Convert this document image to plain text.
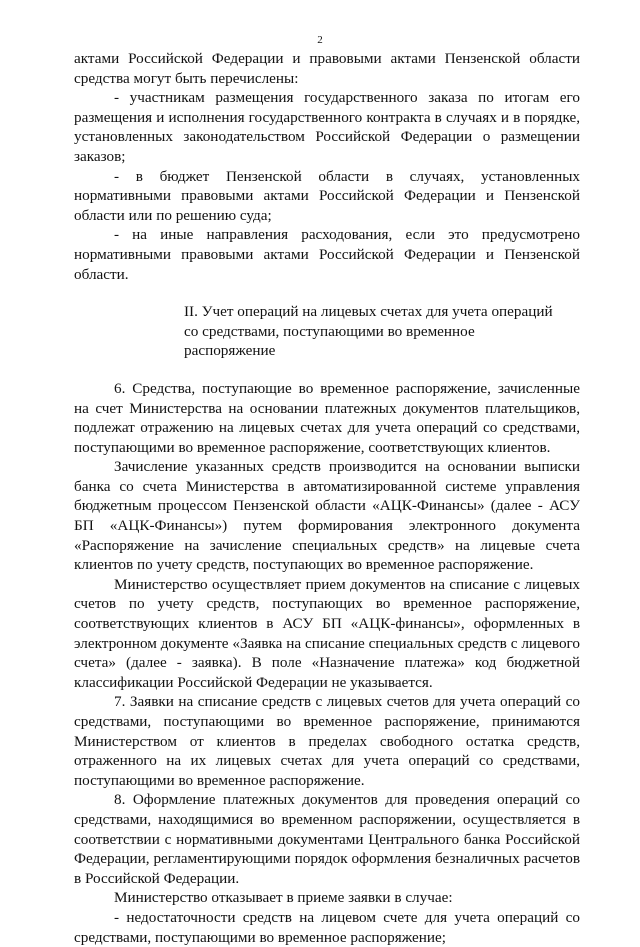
2

актами Российской Федерации и правовыми актами Пензенской области средства могут быть перечислены:

- участникам размещения государственного заказа по итогам его размещения и исполнения государственного контракта в случаях и в порядке, установленных законодательством Российской Федерации о размещении заказов;

- в бюджет Пензенской области в случаях, установленных нормативными правовыми актами Российской Федерации и Пензенской области или по решению суда;

- на иные направления расходования, если это предусмотрено нормативными правовыми актами Российской Федерации и Пензенской области.

II. Учет операций на лицевых счетах для учета операций со средствами, поступающими во временное распоряжение

6. Средства, поступающие во временное распоряжение, зачисленные на счет Министерства на основании платежных документов плательщиков, подлежат отражению на лицевых счетах для учета операций со средствами, поступающими во временное распоряжение, соответствующих клиентов.

Зачисление указанных средств производится на основании выписки банка со счета Министерства в автоматизированной системе управления бюджетным процессом Пензенской области «АЦК-Финансы» (далее - АСУ БП «АЦК-Финансы») путем формирования электронного документа «Распоряжение на зачисление специальных средств» на лицевые счета клиентов по учету средств, поступающих во временное распоряжение.

Министерство осуществляет прием документов на списание с лицевых счетов по учету средств, поступающих во временное распоряжение, соответствующих клиентов в АСУ БП «АЦК-финансы», оформленных в электронном документе «Заявка на списание специальных средств с лицевого счета» (далее - заявка). В поле «Назначение платежа» код бюджетной классификации Российской Федерации не указывается.

7. Заявки на списание средств с лицевых счетов для учета операций со средствами, поступающими во временное распоряжение, принимаются Министерством от клиентов в пределах свободного остатка средств, отраженного на их лицевых счетах для учета операций со средствами, поступающими во временное распоряжение.

8. Оформление платежных документов для проведения операций со средствами, находящимися во временном распоряжении, осуществляется в соответствии с нормативными документами Центрального банка Российской Федерации, регламентирующими порядок оформления безналичных расчетов в Российской Федерации.

Министерство отказывает в приеме заявки в случае:

- недостаточности средств на лицевом счете для учета операций со средствами, поступающими во временное распоряжение;
